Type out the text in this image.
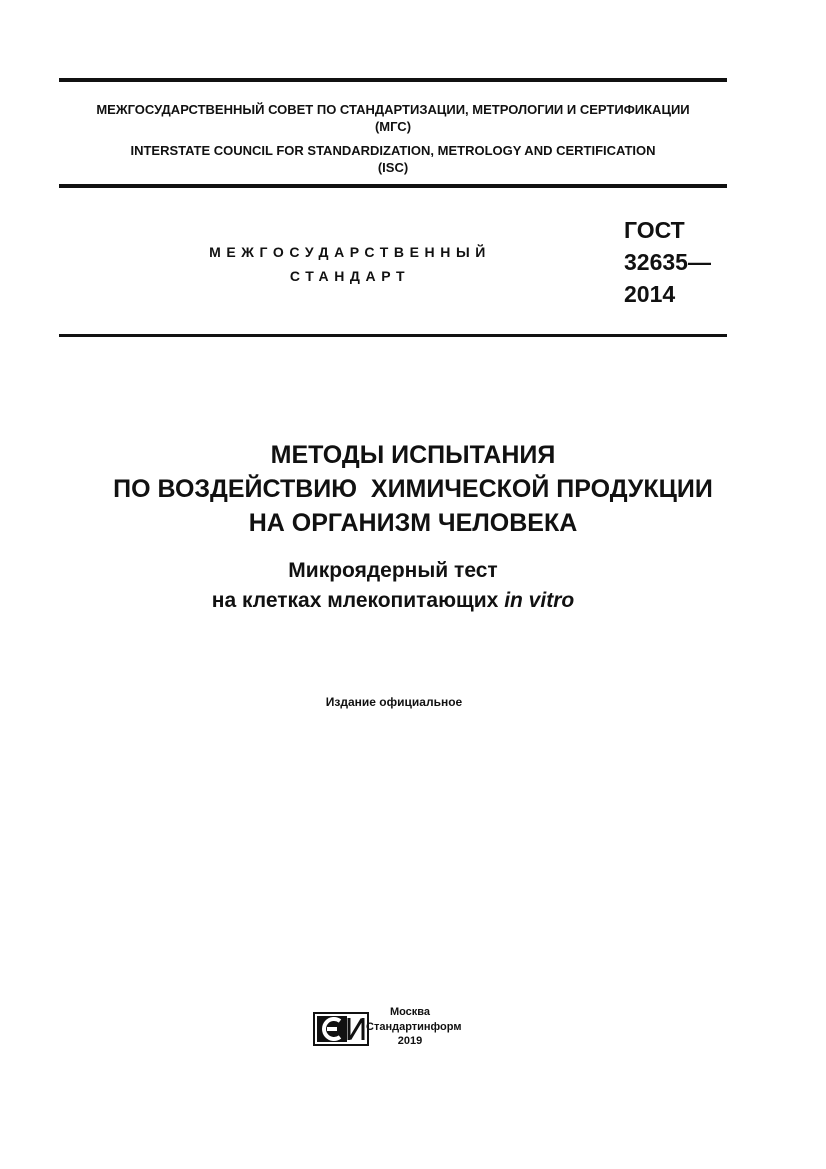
МЕЖГОСУДАРСТВЕННЫЙ СОВЕТ ПО СТАНДАРТИЗАЦИИ, МЕТРОЛОГИИ И СЕРТИФИКАЦИИ
(МГС)
INTERSTATE COUNCIL FOR STANDARDIZATION, METROLOGY AND CERTIFICATION
(ISC)
МЕЖГОСУДАРСТВЕННЫЙ
СТАНДАРТ
ГОСТ
32635—
2014
МЕТОДЫ ИСПЫТАНИЯ
ПО ВОЗДЕЙСТВИЮ  ХИМИЧЕСКОЙ ПРОДУКЦИИ
НА ОРГАНИЗМ ЧЕЛОВЕКА
Микроядерный тест
на клетках млекопитающих in vitro
Издание официальное
Москва
Стандартинформ
2019
